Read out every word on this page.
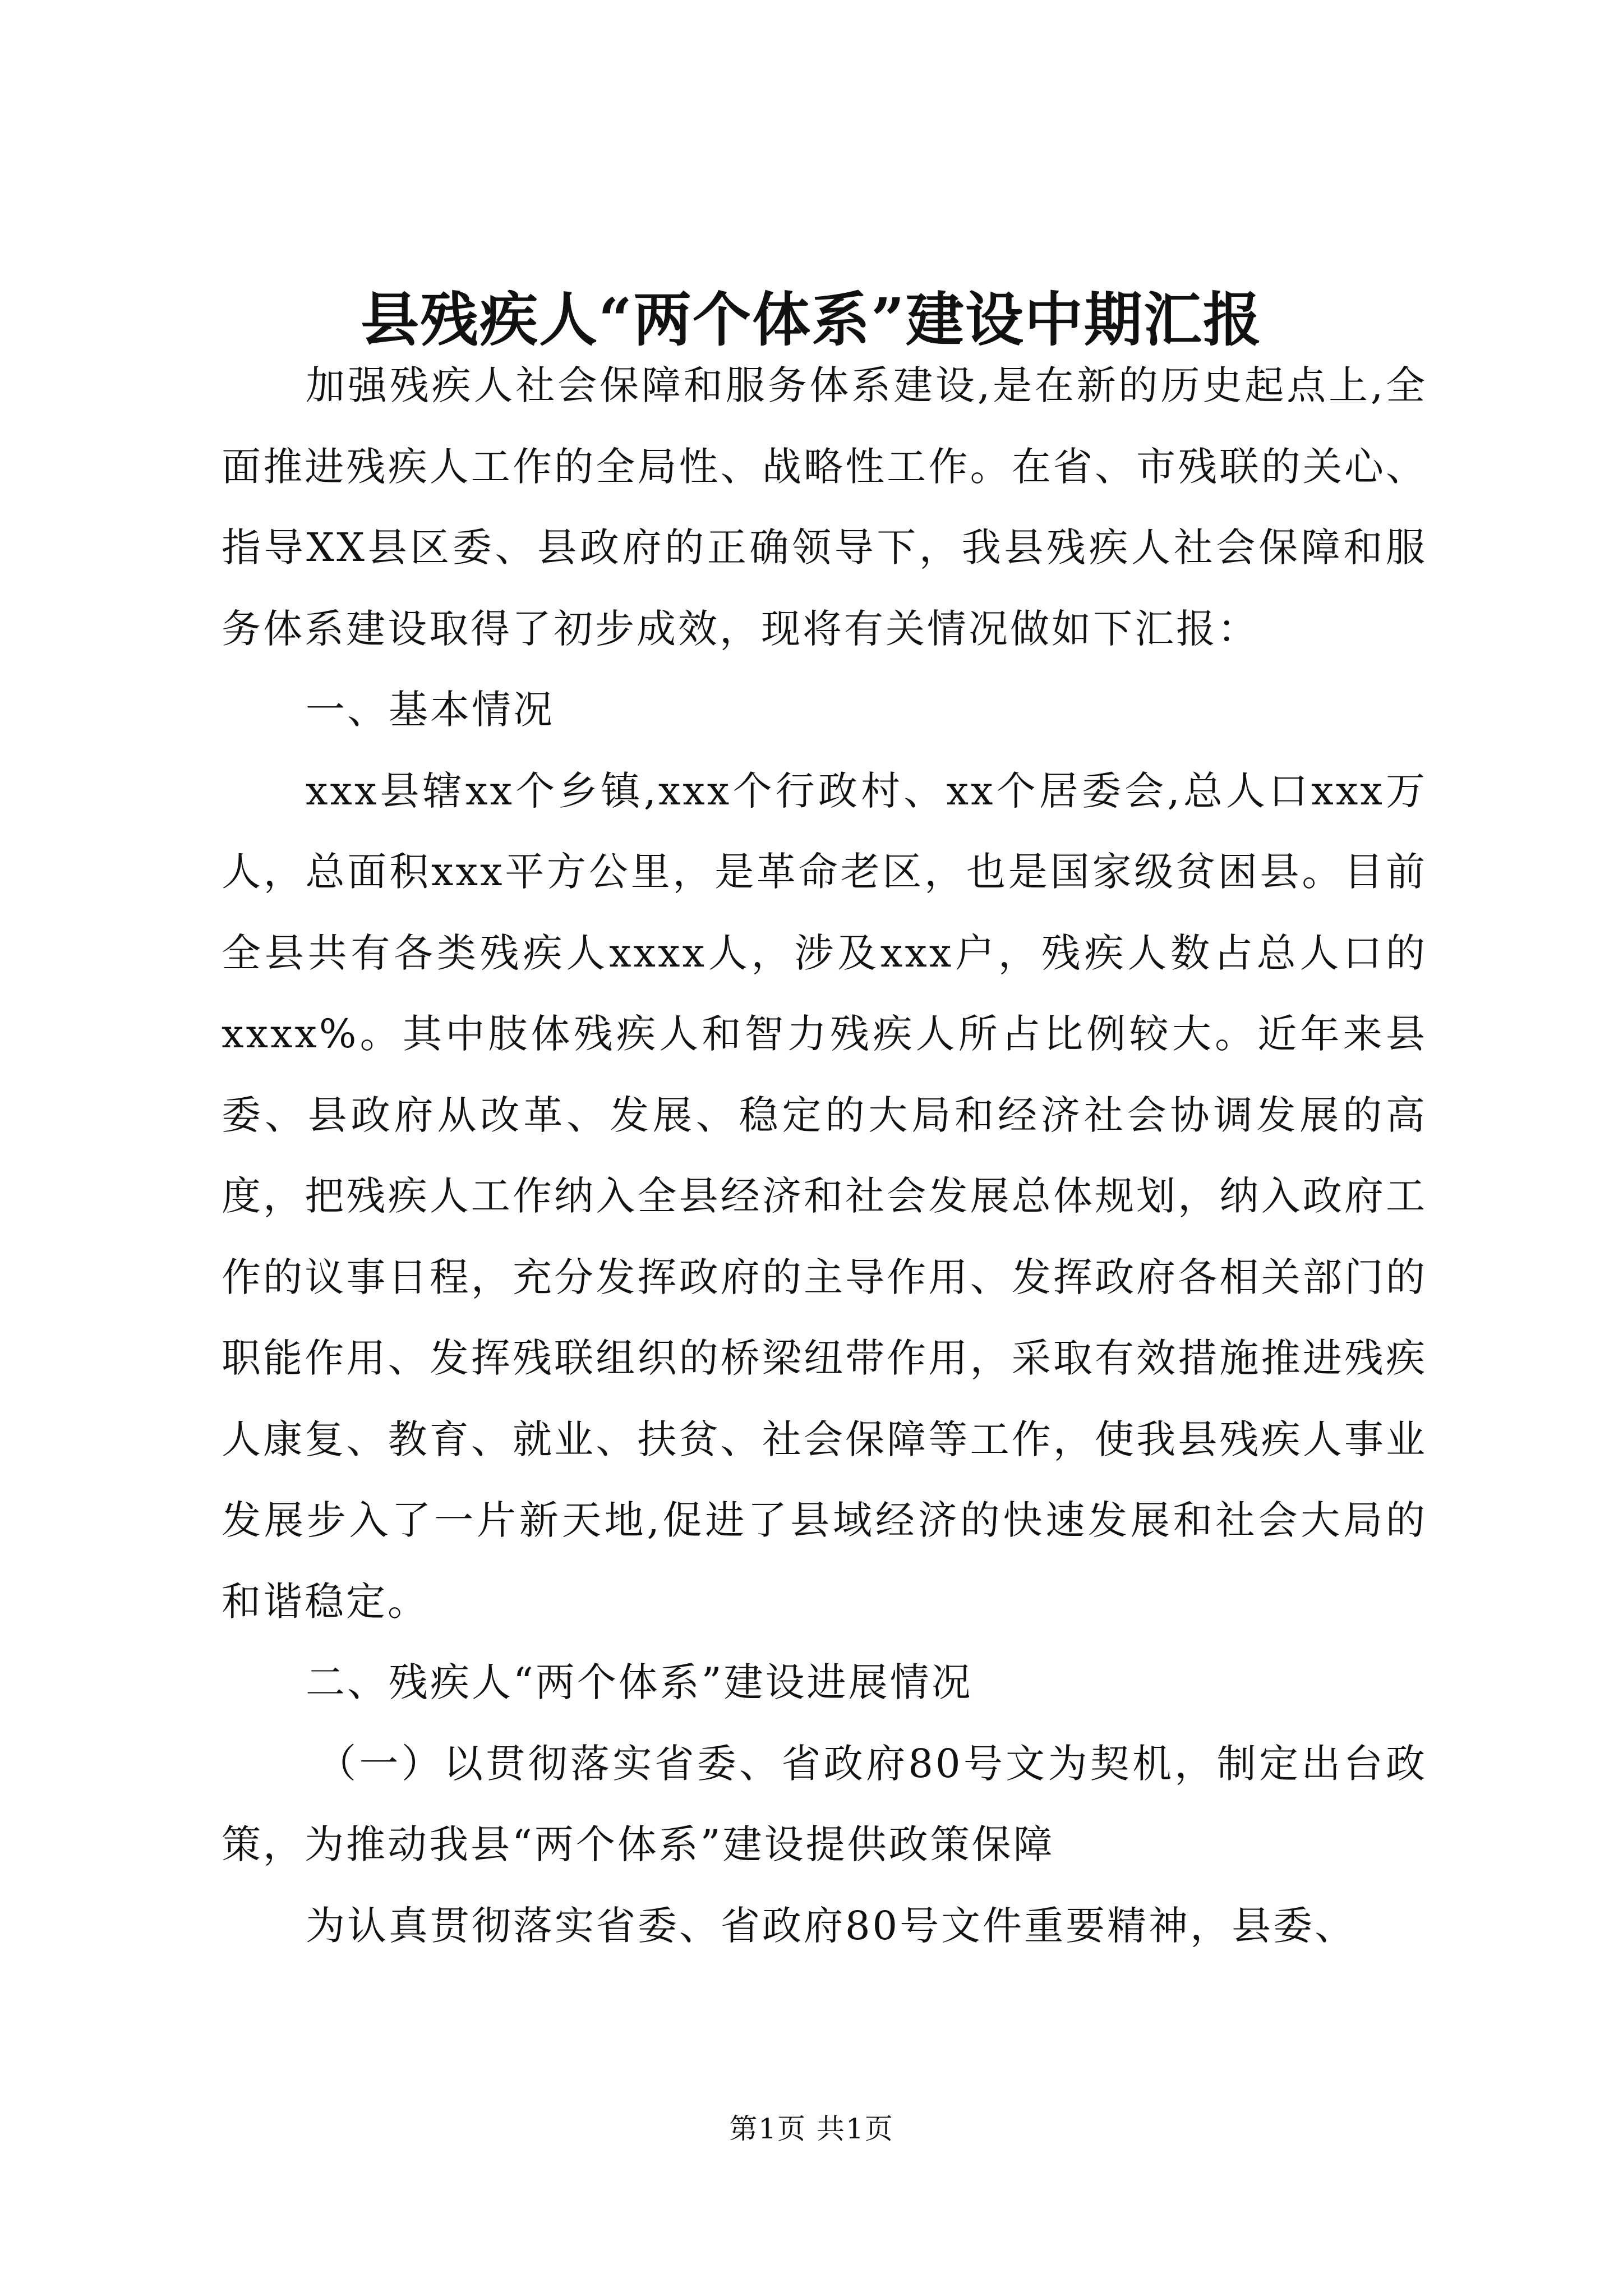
县残疾人“两个体系”建设中期汇报

加强残疾人社会保障和服务体系建设,是在新的历史起点上,全面推进残疾人工作的全局性、战略性工作。在省、市残联的关心、指导XX县区委、县政府的正确领导下，我县残疾人社会保障和服务体系建设取得了初步成效，现将有关情况做如下汇报：

一、基本情况

xxx县辖xx个乡镇,xxx个行政村、xx个居委会,总人口xxx万人，总面积xxx平方公里，是革命老区，也是国家级贫困县。目前全县共有各类残疾人xxxx人，涉及xxx户，残疾人数占总人口的xxxx%。其中肢体残疾人和智力残疾人所占比例较大。近年来县委、县政府从改革、发展、稳定的大局和经济社会协调发展的高度，把残疾人工作纳入全县经济和社会发展总体规划，纳入政府工作的议事日程，充分发挥政府的主导作用、发挥政府各相关部门的职能作用、发挥残联组织的桥梁纽带作用，采取有效措施推进残疾人康复、教育、就业、扶贫、社会保障等工作，使我县残疾人事业发展步入了一片新天地,促进了县域经济的快速发展和社会大局的和谐稳定。

二、残疾人“两个体系”建设进展情况

（一）以贯彻落实省委、省政府80号文为契机，制定出台政策，为推动我县“两个体系”建设提供政策保障

为认真贯彻落实省委、省政府80号文件重要精神，县委、

第1页 共1页
